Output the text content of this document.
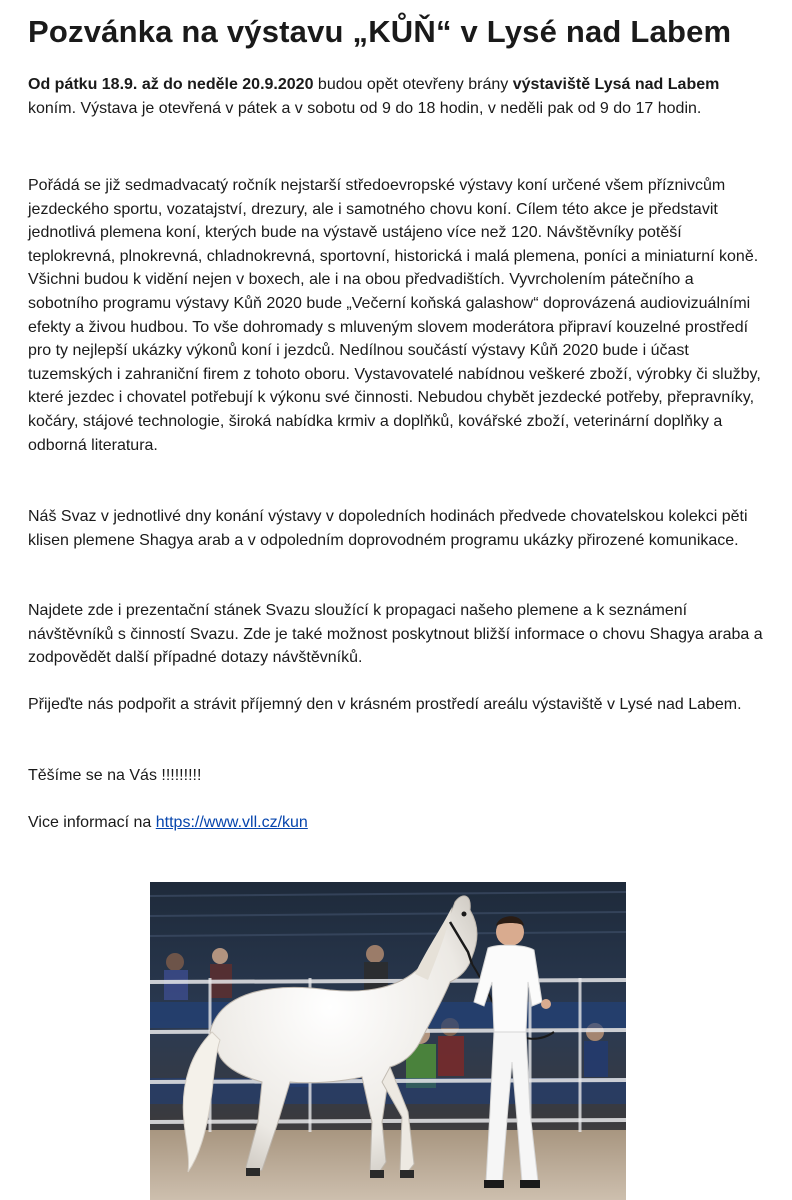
Pozvánka na výstavu „KŮŇ“ v Lysé nad Labem
Od pátku 18.9. až do neděle 20.9.2020 budou opět otevřeny brány výstaviště Lysá nad Labem koním. Výstava je otevřená v pátek a v sobotu od 9 do 18 hodin, v neděli pak od 9 do 17 hodin.
Pořádá se již sedmadvacatý ročník nejstarší středoevropské výstavy koní určené všem příznivcům jezdeckého sportu, vozatajství, drezury, ale i samotného chovu koní. Cílem této akce je představit jednotlivá plemena koní, kterých bude na výstavě ustájeno více než 120. Návštěvníky potěší teplokrevná, plnokrevná, chladnokrevná, sportovní, historická i malá plemena, poníci a miniaturní koně. Všichni budou k vidění nejen v boxech, ale i na obou předvadištích. Vyvrcholením pátečního a sobotního programu výstavy Kůň 2020 bude „Večerní koňská galashow“ doprovázená audiovizuálními efekty a živou hudbou. To vše dohromady s mluveným slovem moderátora připraví kouzelné prostředí pro ty nejlepší ukázky výkonů koní i jezdců. Nedílnou součástí výstavy Kůň 2020 bude i účast tuzemských i zahraniční firem z tohoto oboru. Vystavovatelé nabídnou veškeré zboží, výrobky či služby, které jezdec i chovatel potřebují k výkonu své činnosti. Nebudou chybět jezdecké potřeby, přepravníky, kočáry, stájové technologie, široká nabídka krmiv a doplňků, kovářské zboží, veterinární doplňky a odborná literatura.
Náš Svaz v jednotlivé dny konání výstavy v dopoledních hodinách předvede chovatelskou kolekci pěti klisen plemene Shagya arab a v odpoledním doprovodném programu ukázky přirozené komunikace.
Najdete zde i prezentační stánek Svazu sloužící k propagaci našeho plemene a k seznámení návštěvníků s činností Svazu. Zde je také možnost poskytnout bližší informace o chovu Shagya araba a zodpovědět další případné dotazy návštěvníků.
Přijeďte nás podpořit a strávit příjemný den v krásném prostředí areálu výstaviště v Lysé nad Labem.
Těšíme se na Vás !!!!!!!!!
Vice informací na https://www.vll.cz/kun
